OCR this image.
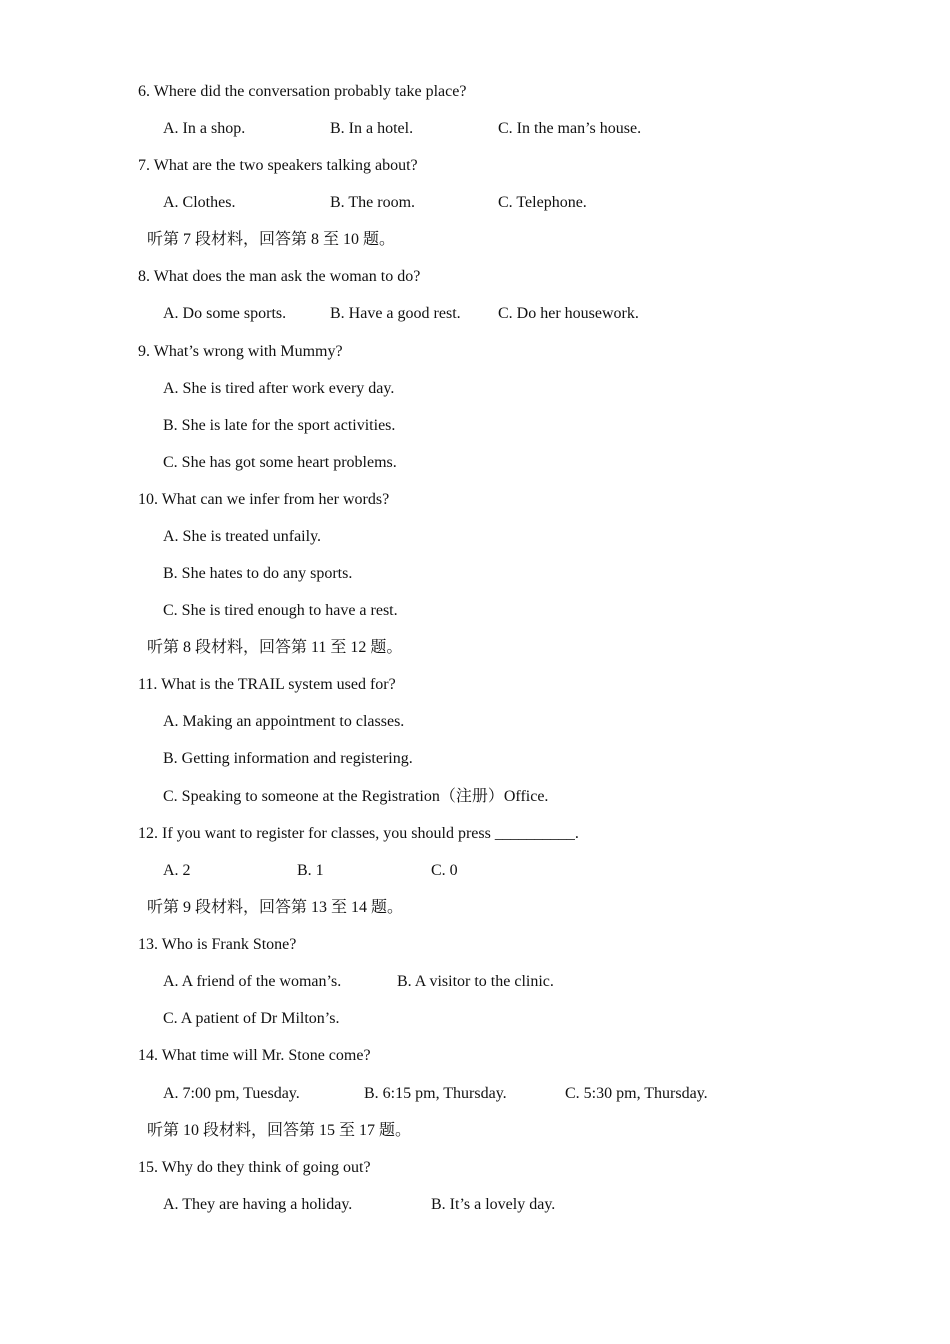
6. Where did the conversation probably take place?
A. In a shop.	B. In a hotel.	C. In the man’s house.
7. What are the two speakers talking about?
A. Clothes.	B. The room.	C. Telephone.
听第 7 段材料，回答第 8 至 10 题。
8. What does the man ask the woman to do?
A. Do some sports.	B. Have a good rest. C. Do her housework.
9. What’s wrong with Mummy?
A. She is tired after work every day.
B. She is late for the sport activities.
C. She has got some heart problems.
10. What can we infer from her words?
A. She is treated unfaily.
B. She hates to do any sports.
C. She is tired enough to have a rest.
听第 8 段材料，回答第 11 至 12 题。
11. What is the TRAIL system used for?
A. Making an appointment to classes.
B. Getting information and registering.
C. Speaking to someone at the Registration（注册）Office.
12. If you want to register for classes, you should press __________.
A. 2	B. 1	C. 0
听第 9 段材料，回答第 13 至 14 题。
13. Who is Frank Stone?
A. A friend of the woman’s.	B. A visitor to the clinic.
C. A patient of Dr Milton’s.
14. What time will Mr. Stone come?
A. 7:00 pm, Tuesday.	B. 6:15 pm, Thursday.	C. 5:30 pm, Thursday.
听第 10 段材料，回答第 15 至 17 题。
15. Why do they think of going out?
A. They are having a holiday.	B. It’s a lovely day.
